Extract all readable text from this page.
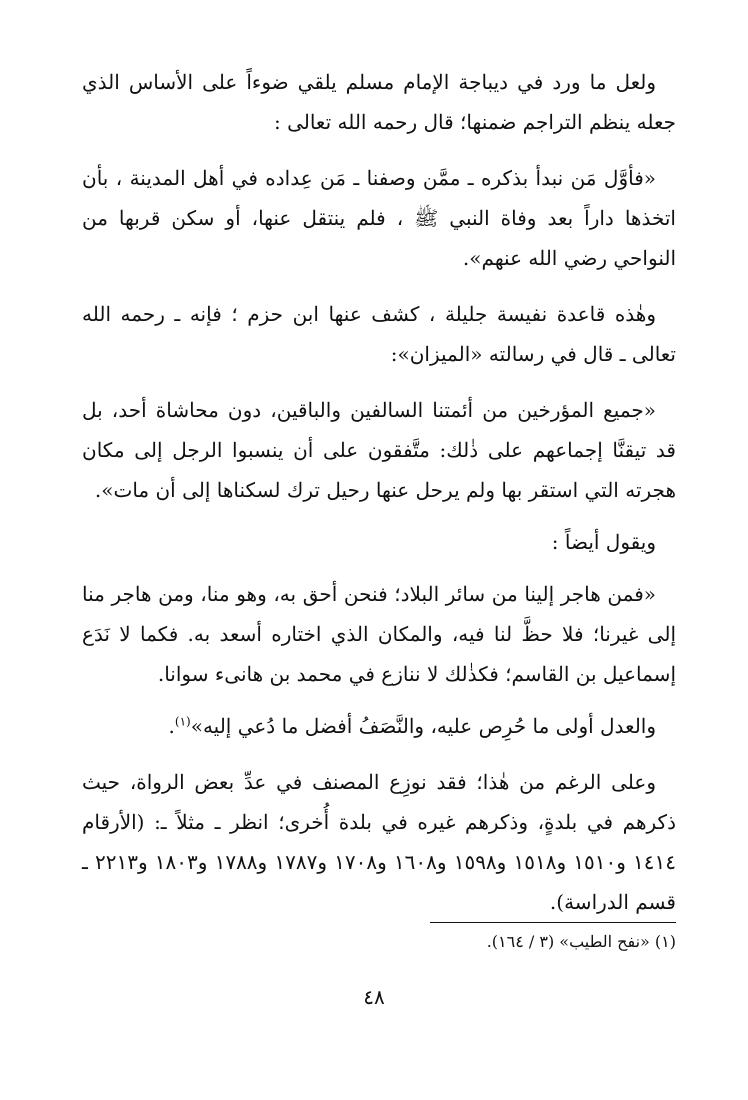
ولعل ما ورد في ديباجة الإمام مسلم يلقي ضوءاً على الأساس الذي جعله ينظم التراجم ضمنها؛ قال رحمه الله تعالى :

«فأوَّل مَن نبدأ بذكره ـ ممَّن وصفنا ـ مَن عِداده في أهل المدينة ، بأن اتخذها داراً بعد وفاة النبي ﷺ ، فلم ينتقل عنها، أو سكن قربها من النواحي رضي الله عنهم».

وهٰذه قاعدة نفيسة جليلة ، كشف عنها ابن حزم ؛ فإنه ـ رحمه الله تعالى ـ قال في رسالته «الميزان»:

«جميع المؤرخين من أئمتنا السالفين والباقين، دون محاشاة أحد، بل قد تيقنَّا إجماعهم على ذٰلك: متَّفقون على أن ينسبوا الرجل إلى مكان هجرته التي استقر بها ولم يرحل عنها رحيل ترك لسكناها إلى أن مات».

ويقول أيضاً :

«فمن هاجر إلينا من سائر البلاد؛ فنحن أحق به، وهو منا، ومن هاجر منا إلى غيرنا؛ فلا حظَّ لنا فيه، والمكان الذي اختاره أسعد به. فكما لا نَدَع إسماعيل بن القاسم؛ فكذٰلك لا ننازع في محمد بن هانىء سوانا.

والعدل أولى ما حُرِص عليه، والنَّصَفُ أفضل ما دُعي إليه»$^{(١)}$.

وعلى الرغم من هٰذا؛ فقد نوزِع المصنف في عدِّ بعض الرواة، حيث ذكرهم في بلدةٍ، وذكرهم غيره في بلدة أُخرى؛ انظر ـ مثلاً ـ: (الأرقام ١٤١٤ و١٥١٠ و١٥١٨ و١٥٩٨ و١٦٠٨ و١٧٠٨ و١٧٨٧ و١٧٨٨ و١٨٠٣ و٢٢١٣ ـ قسم الدراسة).

(١) «نفح الطيب» (٣ / ١٦٤).
٤٨
